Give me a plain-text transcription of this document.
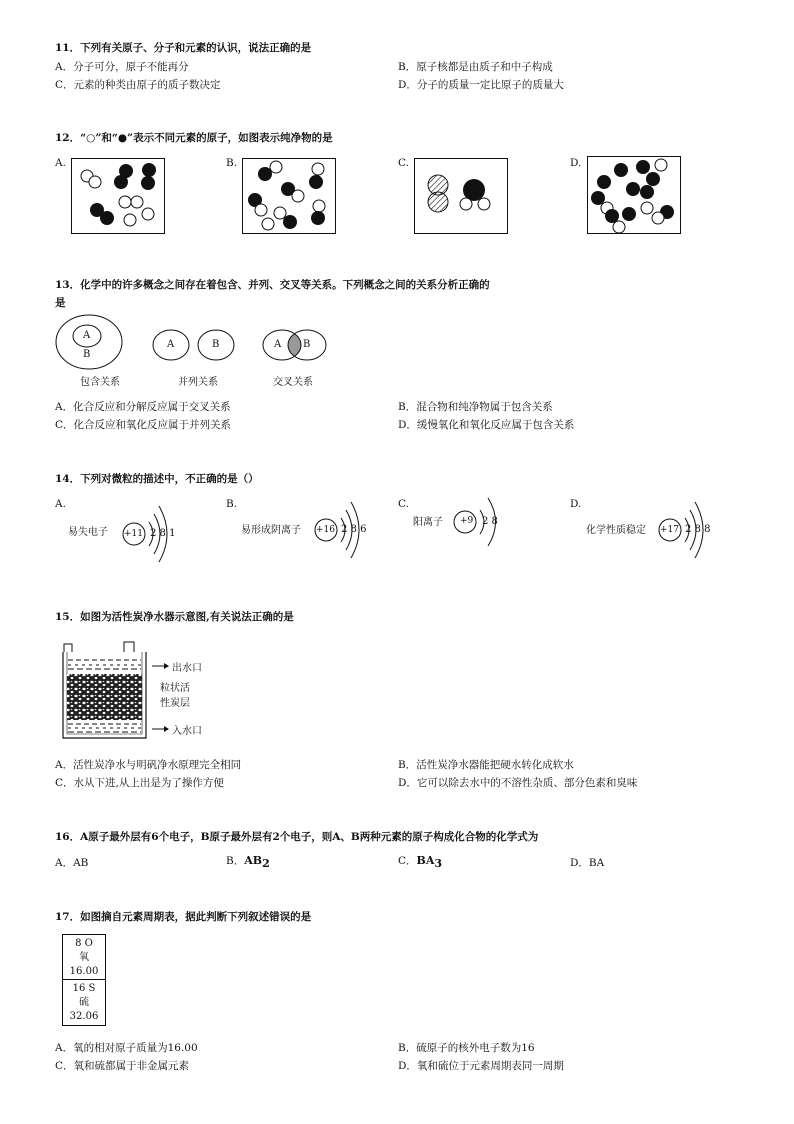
11．下列有关原子、分子和元素的认识，说法正确的是
A．分子可分，原子不能再分	B．原子核都是由质子和中子构成
C．元素的种类由原子的质子数决定	D．分子的质量一定比原子的质量大
12．“○”和“●”表示不同元素的原子，如图表示纯净物的是
A.	B.	C.	D.
13．化学中的许多概念之间存在着包含、并列、交叉等关系。下列概念之间的关系分析正确的
是
A
B
包含关系
A	B
并列关系
A B
交叉关系
A．化合反应和分解反应属于交叉关系	B．混合物和纯净物属于包含关系
C．化合反应和氧化反应属于并列关系	D．缓慢氧化和氧化反应属于包含关系
14．下列对微粒的描述中，不正确的是（）
A.
易失电子 +11 2 8 1
B.
易形成阴离子 +16 2 8 6
C.
阳离子 +9 2 8
D.
化学性质稳定 +17 2 8 8
15．如图为活性炭净水器示意图,有关说法正确的是
出水口
粒状活
性炭层
入水口
A．活性炭净水与明矾净水原理完全相同	B．活性炭净水器能把硬水转化成软水
C．水从下进,从上出是为了操作方便	D．它可以除去水中的不溶性杂质、部分色素和臭味
16．A原子最外层有6个电子，B原子最外层有2个电子，则A、B两种元素的原子构成化合物的化学式为
A．AB	B．$AB_2$	C．$BA_3$	D．BA
17．如图摘自元素周期表，据此判断下列叙述错误的是
8 O
氧
16.00
16 S
硫
32.06
A．氧的相对原子质量为16.00	B．硫原子的核外电子数为16
C．氧和硫都属于非金属元素	D．氧和硫位于元素周期表同一周期
